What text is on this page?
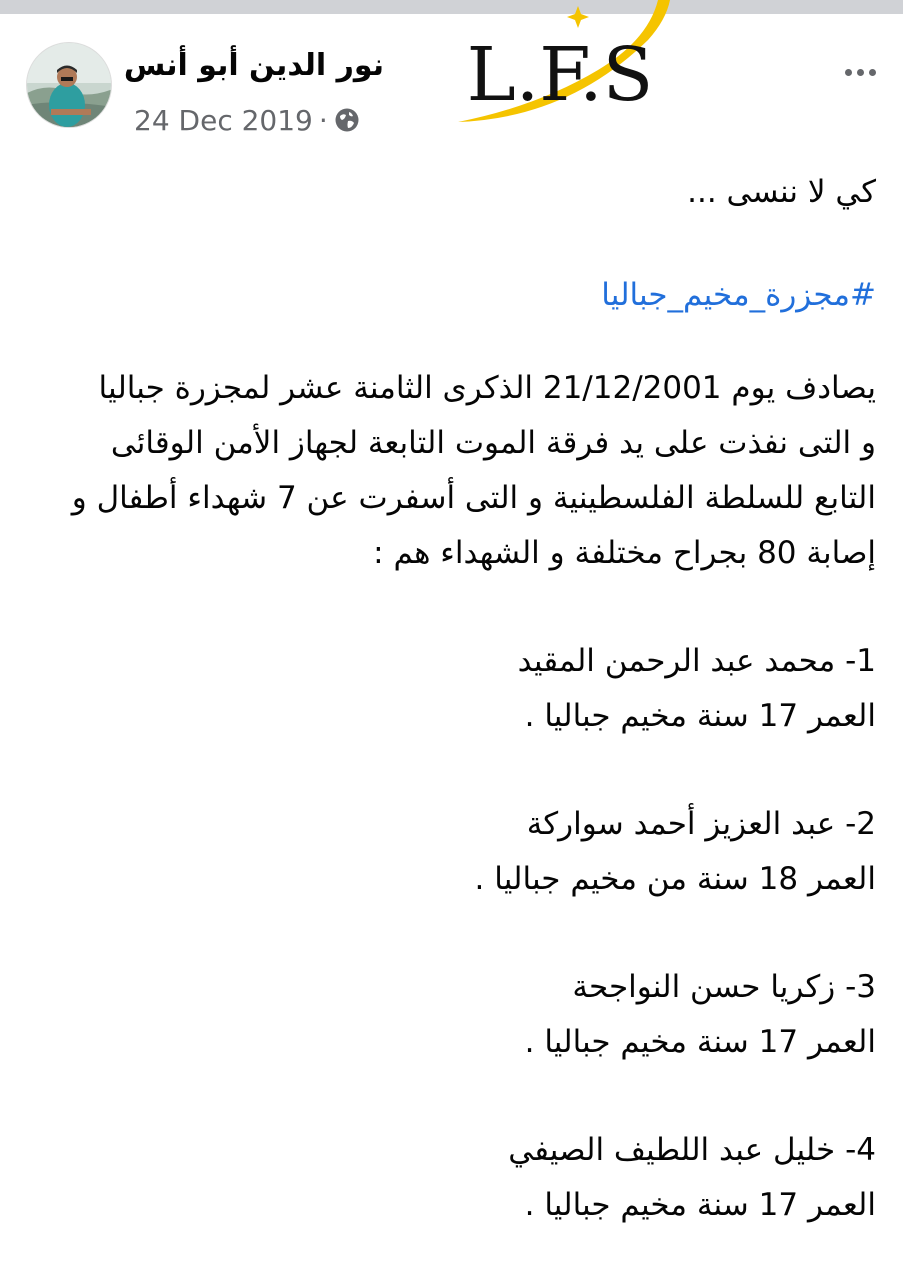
نور الدين أبو أنس
24 Dec 2019 ·
L.F.S

كي لا ننسى ...

#مجزرة_مخيم_جباليا

يصادف يوم 21/12/2001 الذكرى الثامنة عشر لمجزرة جباليا
و التى نفذت على يد فرقة الموت التابعة لجهاز الأمن الوقائى
التابع للسلطة الفلسطينية و التى أسفرت عن 7 شهداء أطفال و
إصابة 80 بجراح مختلفة و الشهداء هم :

1- محمد عبد الرحمن المقيد

العمر 17 سنة مخيم جباليا .

2- عبد العزيز أحمد سواركة

العمر 18 سنة من مخيم جباليا .

3- زكريا حسن النواجحة

العمر 17 سنة مخيم جباليا .

4- خليل عبد اللطيف الصيفي

العمر 17 سنة مخيم جباليا .
